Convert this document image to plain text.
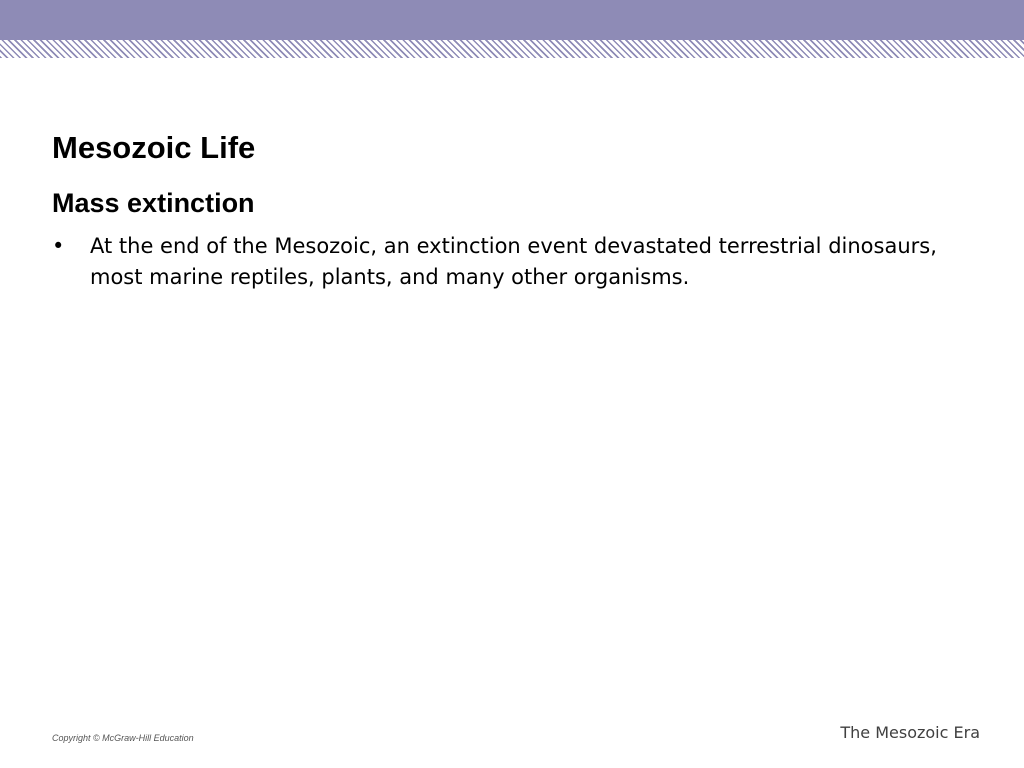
Mesozoic Life
Mass extinction
• At the end of the Mesozoic, an extinction event devastated terrestrial dinosaurs, most marine reptiles, plants, and many other organisms.
Copyright © McGraw-Hill Education	The Mesozoic Era
